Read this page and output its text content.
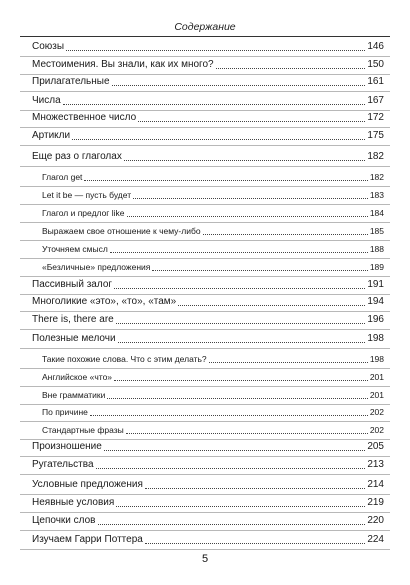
Содержание
Союзы	146
Местоимения. Вы знали, как их много?	150
Прилагательные	161
Числа	167
Множественное число	172
Артикли	175
Еще раз о глаголах	182
Глагол get	182
Let it be — пусть будет	183
Глагол и предлог like	184
Выражаем свое отношение к чему-либо	185
Уточняем смысл	188
«Безличные» предложения	189
Пассивный залог	191
Многоликие «это», «то», «там»	194
There is, there are	196
Полезные мелочи	198
Такие похожие слова. Что с этим делать?	198
Английское «что»	201
Вне грамматики	201
По причине	202
Стандартные фразы	202
Произношение	205
Ругательства	213
Условные предложения	214
Неявные условия	219
Цепочки слов	220
Изучаем Гарри Поттера	224
5
